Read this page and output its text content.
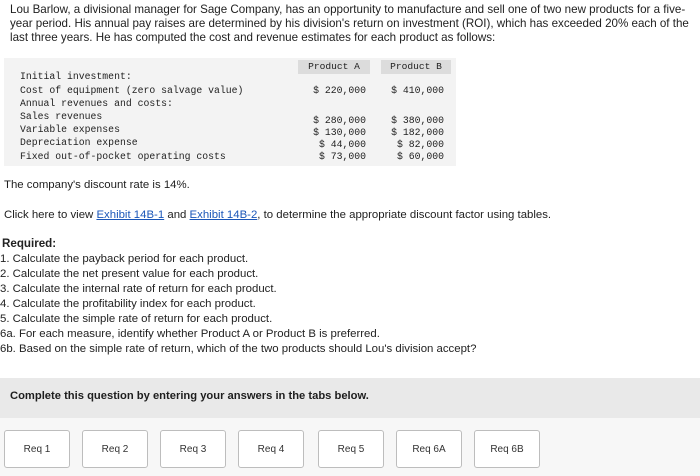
Lou Barlow, a divisional manager for Sage Company, has an opportunity to manufacture and sell one of two new products for a five-year period. His annual pay raises are determined by his division's return on investment (ROI), which has exceeded 20% each of the last three years. He has computed the cost and revenue estimates for each product as follows:
Product A	Product B
Initial investment:
Cost of equipment (zero salvage value)	$ 220,000	$ 410,000
Annual revenues and costs:
Sales revenues	$ 280,000	$ 380,000
Variable expenses	$ 130,000	$ 182,000
Depreciation expense	$ 44,000	$ 82,000
Fixed out-of-pocket operating costs	$ 73,000	$ 60,000
The company's discount rate is 14%.
Click here to view Exhibit 14B-1 and Exhibit 14B-2, to determine the appropriate discount factor using tables.
Required:
1. Calculate the payback period for each product.
2. Calculate the net present value for each product.
3. Calculate the internal rate of return for each product.
4. Calculate the profitability index for each product.
5. Calculate the simple rate of return for each product.
6a. For each measure, identify whether Product A or Product B is preferred.
6b. Based on the simple rate of return, which of the two products should Lou's division accept?
Complete this question by entering your answers in the tabs below.
Req 1	Req 2	Req 3	Req 4	Req 5	Req 6A	Req 6B
